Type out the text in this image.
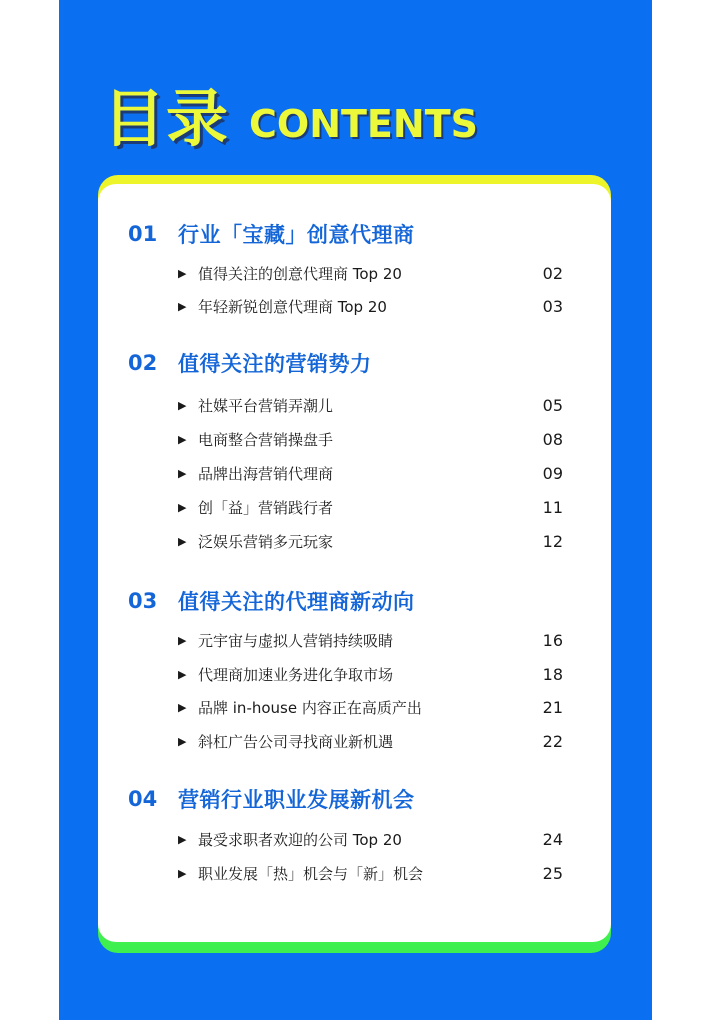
目录 CONTENTS
01 行业「宝藏」创意代理商
▶ 值得关注的创意代理商 Top 20	02
▶ 年轻新锐创意代理商 Top 20	03
02 值得关注的营销势力
▶ 社媒平台营销弄潮儿	05
▶ 电商整合营销操盘手	08
▶ 品牌出海营销代理商	09
▶ 创「益」营销践行者	11
▶ 泛娱乐营销多元玩家	12
03 值得关注的代理商新动向
▶ 元宇宙与虚拟人营销持续吸睛	16
▶ 代理商加速业务进化争取市场	18
▶ 品牌 in-house 内容正在高质产出	21
▶ 斜杠广告公司寻找商业新机遇	22
04 营销行业职业发展新机会
▶ 最受求职者欢迎的公司 Top 20	24
▶ 职业发展「热」机会与「新」机会	25
